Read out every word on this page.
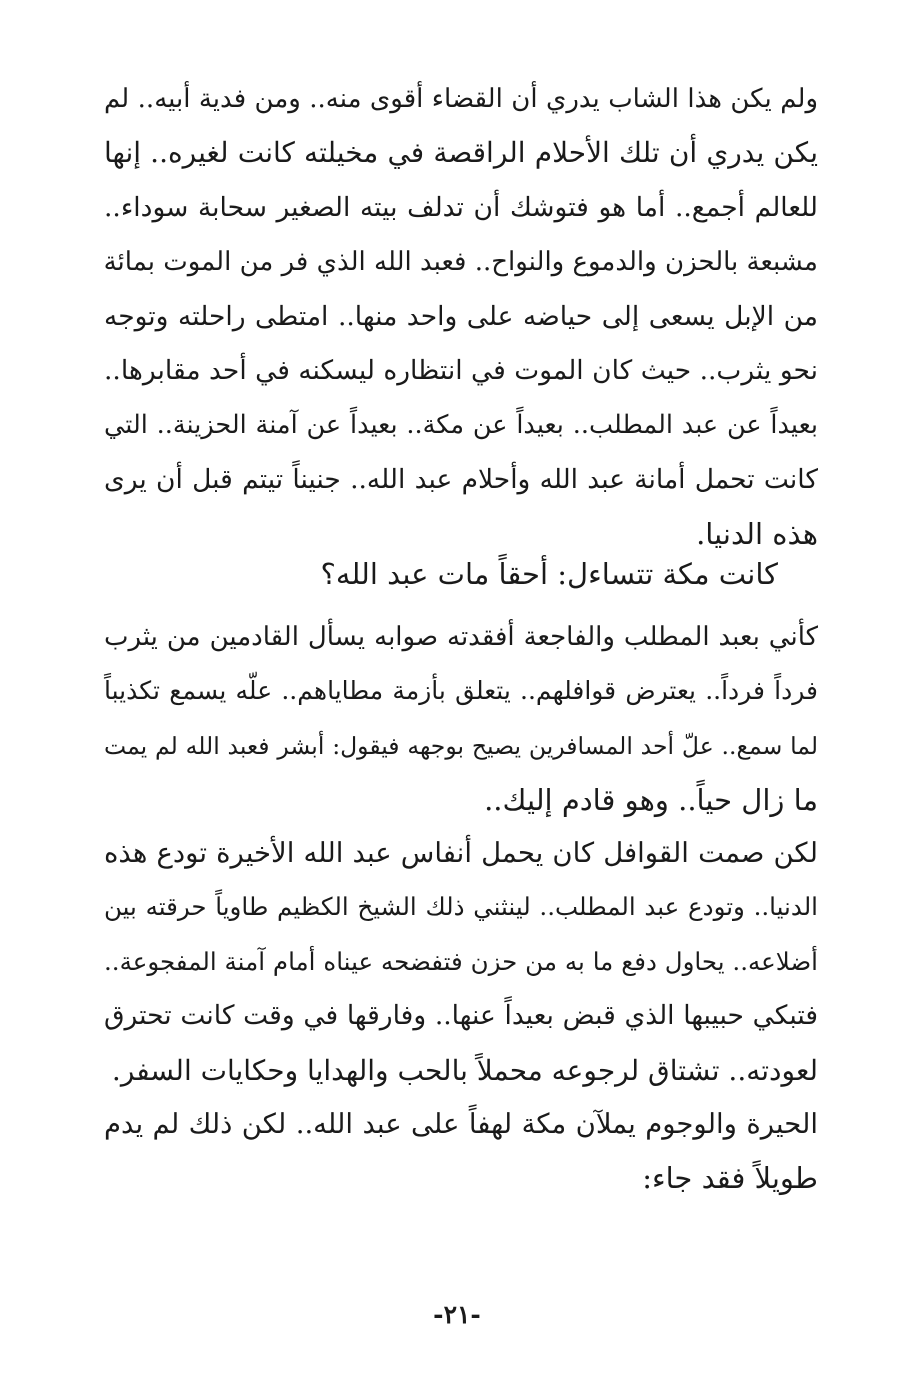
ولم يكن هذا الشاب يدري أن القضاء أقوى منه.. ومن فدية أبيه.. لم
يكن يدري أن تلك الأحلام الراقصة في مخيلته كانت لغيره.. إنها
للعالم أجمع.. أما هو فتوشك أن تدلف بيته الصغير سحابة سوداء..
مشبعة بالحزن والدموع والنواح.. فعبد الله الذي فر من الموت بمائة
من الإبل يسعى إلى حياضه على واحد منها.. امتطى راحلته وتوجه
نحو يثرب.. حيث كان الموت في انتظاره ليسكنه في أحد مقابرها..
بعيداً عن عبد المطلب.. بعيداً عن مكة.. بعيداً عن آمنة الحزينة.. التي
كانت تحمل أمانة عبد الله وأحلام عبد الله.. جنيناً تيتم قبل أن يرى
هذه الدنيا.
كانت مكة تتساءل: أحقاً مات عبد الله؟
كأني بعبد المطلب والفاجعة أفقدته صوابه يسأل القادمين من يثرب
فرداً فرداً.. يعترض قوافلهم.. يتعلق بأزمة مطاياهم.. علّه يسمع تكذيباً
لما سمع.. علّ أحد المسافرين يصيح بوجهه فيقول: أبشر فعبد الله لم يمت
ما زال حياً.. وهو قادم إليك..
لكن صمت القوافل كان يحمل أنفاس عبد الله الأخيرة تودع هذه
الدنيا.. وتودع عبد المطلب.. لينثني ذلك الشيخ الكظيم طاوياً حرقته بين
أضلاعه.. يحاول دفع ما به من حزن فتفضحه عيناه أمام آمنة المفجوعة..
فتبكي حبيبها الذي قبض بعيداً عنها.. وفارقها في وقت كانت تحترق
لعودته.. تشتاق لرجوعه محملاً بالحب والهدايا وحكايات السفر.
الحيرة والوجوم يملآن مكة لهفاً على عبد الله.. لكن ذلك لم يدم
طويلاً فقد جاء:
-٢١-
